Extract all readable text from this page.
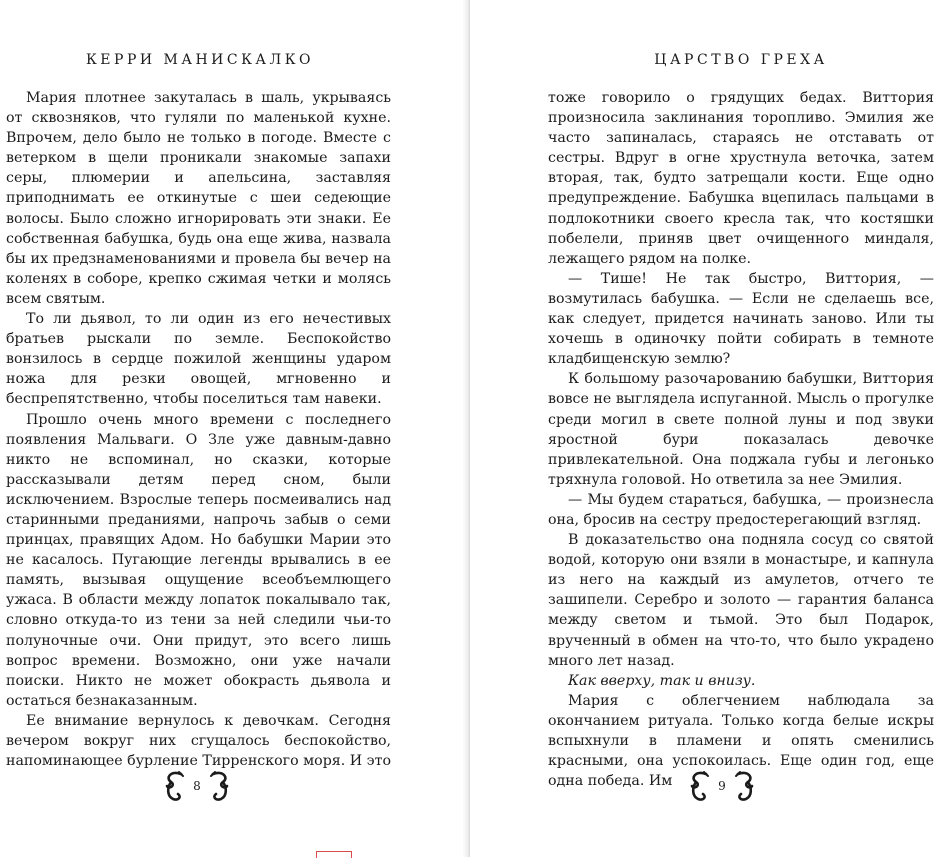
КЕРРИ МАНИСКАЛКО

Мария плотнее закуталась в шаль, укрываясь от сквозняков, что гуляли по маленькой кухне. Впрочем, дело было не только в погоде. Вместе с ветерком в щели проникали знакомые запахи серы, плюмерии и апельсина, заставляя приподнимать ее откинутые с шеи седеющие волосы. Было сложно игнорировать эти знаки. Ее собственная бабушка, будь она еще жива, назвала бы их предзнаменованиями и провела бы вечер на коленях в соборе, крепко сжимая четки и молясь всем святым.

То ли дьявол, то ли один из его нечестивых братьев рыскали по земле. Беспокойство вонзилось в сердце пожилой женщины ударом ножа для резки овощей, мгновенно и беспрепятственно, чтобы поселиться там навеки.

Прошло очень много времени с последнего появления Мальваги. О Зле уже давным-давно никто не вспоминал, но сказки, которые рассказывали детям перед сном, были исключением. Взрослые теперь посмеивались над старинными преданиями, напрочь забыв о семи принцах, правящих Адом. Но бабушки Марии это не касалось. Пугающие легенды врывались в ее память, вызывая ощущение всеобъемлющего ужаса. В области между лопаток покалывало так, словно откуда-то из тени за ней следили чьи-то полуночные очи. Они придут, это всего лишь вопрос времени. Возможно, они уже начали поиски. Никто не может обокрасть дьявола и остаться безнаказанным.

Ее внимание вернулось к девочкам. Сегодня вечером вокруг них сгущалось беспокойство, напоминающее бурление Тирренского моря. И это

8
ЦАРСТВО ГРЕХА

тоже говорило о грядущих бедах. Виттория произносила заклинания торопливо. Эмилия же часто запиналась, стараясь не отставать от сестры. Вдруг в огне хрустнула веточка, затем вторая, так, будто затрещали кости. Еще одно предупреждение. Бабушка вцепилась пальцами в подлокотники своего кресла так, что костяшки побелели, приняв цвет очищенного миндаля, лежащего рядом на полке.

— Тише! Не так быстро, Виттория, — возмутилась бабушка. — Если не сделаешь все, как следует, придется начинать заново. Или ты хочешь в одиночку пойти собирать в темноте кладбищенскую землю?

К большому разочарованию бабушки, Виттория вовсе не выглядела испуганной. Мысль о прогулке среди могил в свете полной луны и под звуки яростной бури показалась девочке привлекательной. Она поджала губы и легонько тряхнула головой. Но ответила за нее Эмилия.

— Мы будем стараться, бабушка, — произнесла она, бросив на сестру предостерегающий взгляд.

В доказательство она подняла сосуд со святой водой, которую они взяли в монастыре, и капнула из него на каждый из амулетов, отчего те зашипели. Серебро и золото — гарантия баланса между светом и тьмой. Это был Подарок, врученный в обмен на что-то, что было украдено много лет назад.

Как вверху, так и внизу.

Мария с облегчением наблюдала за окончанием ритуала. Только когда белые искры вспыхнули в пламени и опять сменились красными, она успокоилась. Еще один год, еще одна победа. Им	9
